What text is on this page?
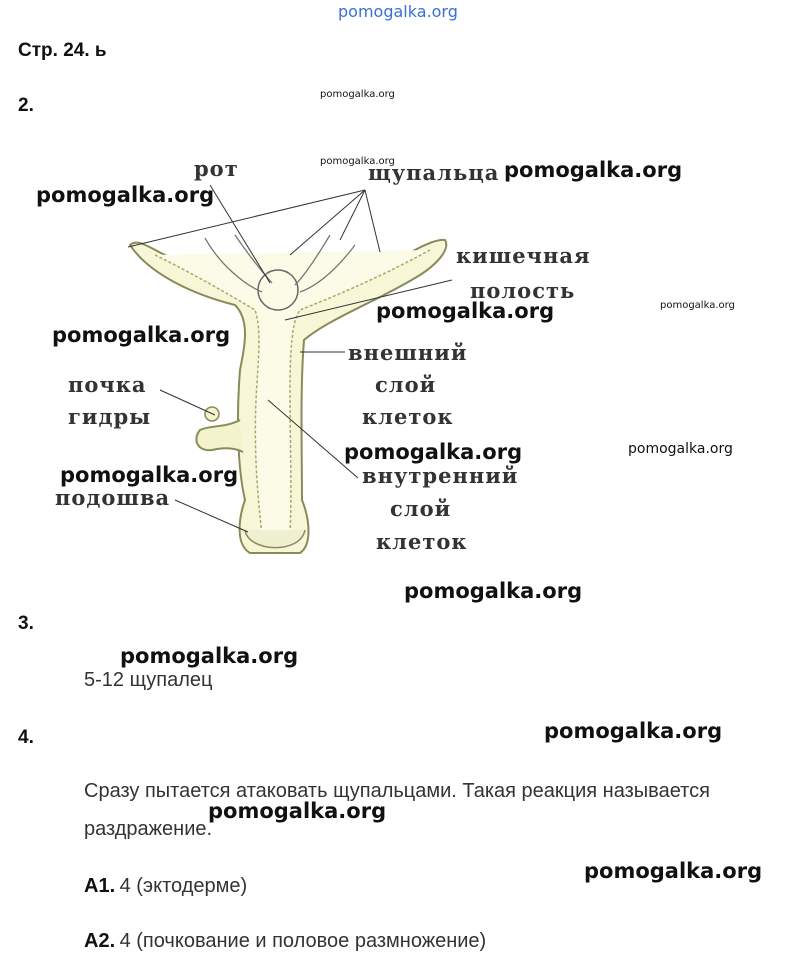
pomogalka.org
Стр. 24. ь
2.
рот	щупальца
кишечная
полость
внешний
слой
клеток
почка
гидры
внутренний
слой
клеток
подошва
pomogalka.org
pomogalka.org	pomogalka.org
pomogalka.org
pomogalka.org
pomogalka.org
pomogalka.org
pomogalka.org	pomogalka.org
pomogalka.org
pomogalka.org
3.
pomogalka.org
5-12 щупалец
4.	pomogalka.org
Сразу пытается атаковать щупальцами. Такая реакция называется
pomogalka.org
раздражение.
pomogalka.org
А1. 4 (эктодерме)
А2. 4 (почкование и половое размножение)
